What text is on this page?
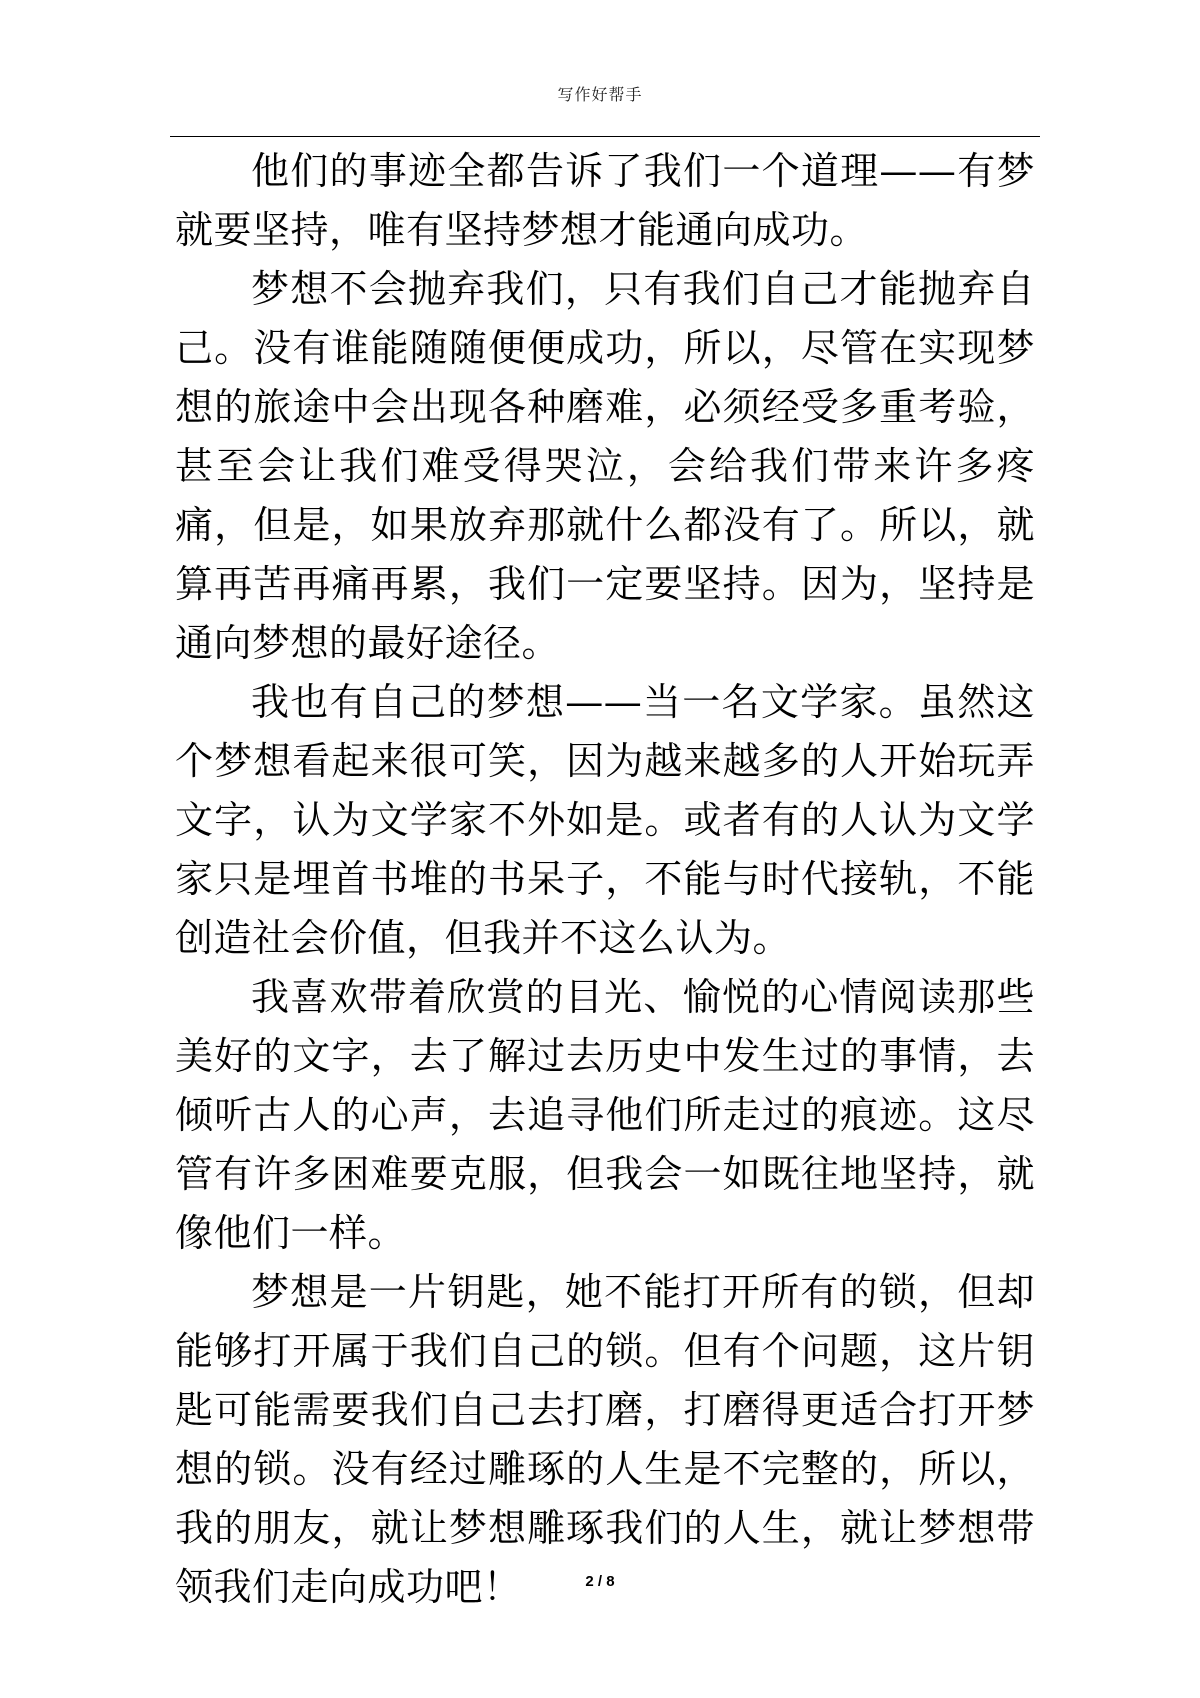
写作好帮手

他们的事迹全都告诉了我们一个道理——有梦就要坚持，唯有坚持梦想才能通向成功。

梦想不会抛弃我们，只有我们自己才能抛弃自己。没有谁能随随便便成功，所以，尽管在实现梦想的旅途中会出现各种磨难，必须经受多重考验，甚至会让我们难受得哭泣，会给我们带来许多疼痛，但是，如果放弃那就什么都没有了。所以，就算再苦再痛再累，我们一定要坚持。因为，坚持是通向梦想的最好途径。

我也有自己的梦想——当一名文学家。虽然这个梦想看起来很可笑，因为越来越多的人开始玩弄文字，认为文学家不外如是。或者有的人认为文学家只是埋首书堆的书呆子，不能与时代接轨，不能创造社会价值，但我并不这么认为。

我喜欢带着欣赏的目光、愉悦的心情阅读那些美好的文字，去了解过去历史中发生过的事情，去倾听古人的心声，去追寻他们所走过的痕迹。这尽管有许多困难要克服，但我会一如既往地坚持，就像他们一样。

梦想是一片钥匙，她不能打开所有的锁，但却能够打开属于我们自己的锁。但有个问题，这片钥匙可能需要我们自己去打磨，打磨得更适合打开梦想的锁。没有经过雕琢的人生是不完整的，所以，我的朋友，就让梦想雕琢我们的人生，就让梦想带领我们走向成功吧！	2 / 8
